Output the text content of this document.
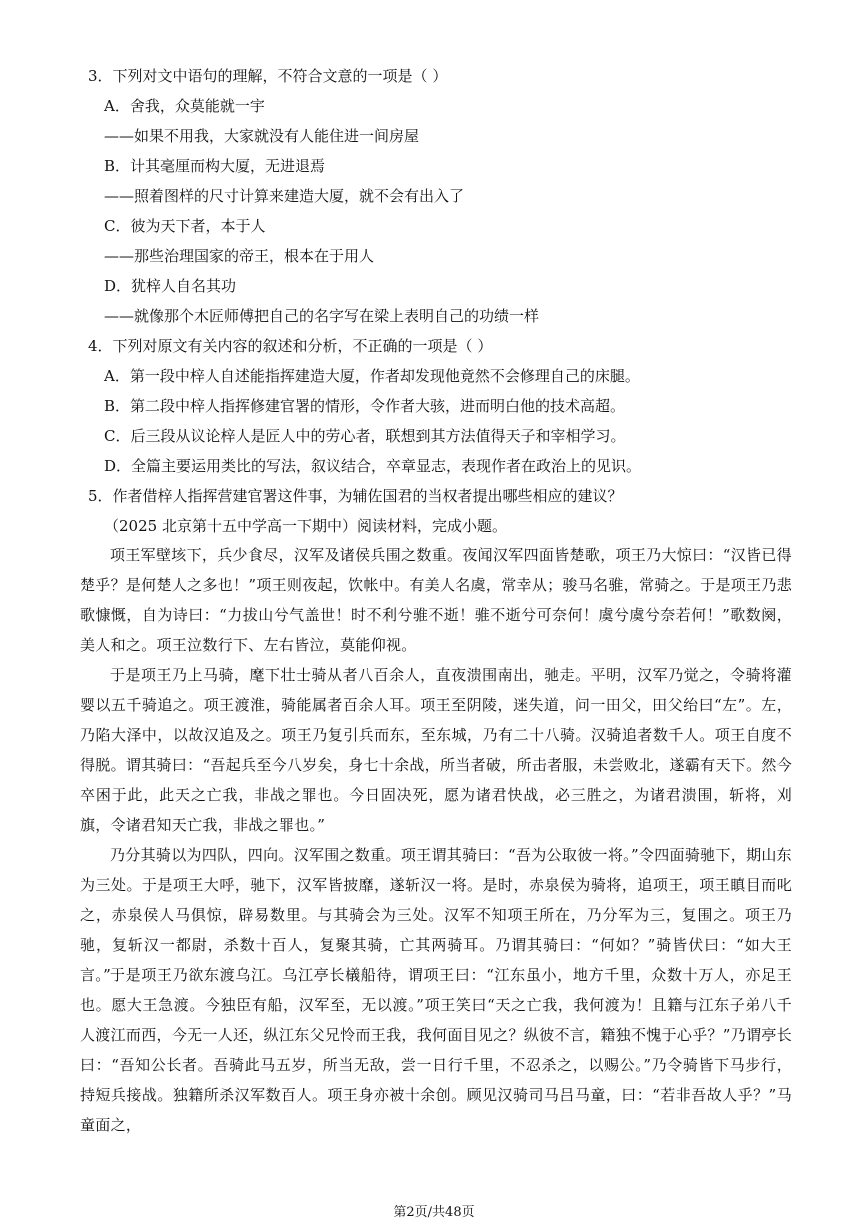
3．下列对文中语句的理解，不符合文意的一项是（ ）
A．舍我，众莫能就一宇
——如果不用我，大家就没有人能住进一间房屋
B．计其毫厘而构大厦，无进退焉
——照着图样的尺寸计算来建造大厦，就不会有出入了
C．彼为天下者，本于人
——那些治理国家的帝王，根本在于用人
D．犹梓人自名其功
——就像那个木匠师傅把自己的名字写在梁上表明自己的功绩一样
4．下列对原文有关内容的叙述和分析，不正确的一项是（ ）
A．第一段中梓人自述能指挥建造大厦，作者却发现他竟然不会修理自己的床腿。
B．第二段中梓人指挥修建官署的情形，令作者大骇，进而明白他的技术高超。
C．后三段从议论梓人是匠人中的劳心者，联想到其方法值得天子和宰相学习。
D．全篇主要运用类比的写法，叙议结合，卒章显志，表现作者在政治上的见识。
5．作者借梓人指挥营建官署这件事，为辅佐国君的当权者提出哪些相应的建议？
（2025 北京第十五中学高一下期中）阅读材料，完成小题。
项王军壁垓下，兵少食尽，汉军及诸侯兵围之数重。夜闻汉军四面皆楚歌，项王乃大惊曰：“汉皆已得楚乎？是何楚人之多也！”项王则夜起，饮帐中。有美人名虞，常幸从；骏马名骓，常骑之。于是项王乃悲歌慷慨，自为诗曰：“力拔山兮气盖世！时不利兮骓不逝！骓不逝兮可奈何！虞兮虞兮奈若何！”歌数阕，美人和之。项王泣数行下、左右皆泣，莫能仰视。
于是项王乃上马骑，麾下壮士骑从者八百余人，直夜溃围南出，驰走。平明，汉军乃觉之，令骑将灌婴以五千骑追之。项王渡淮，骑能属者百余人耳。项王至阴陵，迷失道，问一田父，田父绐曰“左”。左，乃陷大泽中，以故汉追及之。项王乃复引兵而东，至东城，乃有二十八骑。汉骑追者数千人。项王自度不得脱。谓其骑曰：“吾起兵至今八岁矣，身七十余战，所当者破，所击者服，未尝败北，遂霸有天下。然今卒困于此，此天之亡我，非战之罪也。今日固决死，愿为诸君快战，必三胜之，为诸君溃围，斩将，刈旗，令诸君知天亡我，非战之罪也。”
乃分其骑以为四队，四向。汉军围之数重。项王谓其骑曰：“吾为公取彼一将。”令四面骑驰下，期山东为三处。于是项王大呼，驰下，汉军皆披靡，遂斩汉一将。是时，赤泉侯为骑将，追项王，项王瞋目而叱之，赤泉侯人马俱惊，辟易数里。与其骑会为三处。汉军不知项王所在，乃分军为三，复围之。项王乃驰，复斩汉一都尉，杀数十百人，复聚其骑，亡其两骑耳。乃谓其骑曰：“何如？”骑皆伏曰：“如大王言。”
于是项王乃欲东渡乌江。乌江亭长檥船待，谓项王曰：“江东虽小，地方千里，众数十万人，亦足王也。愿大王急渡。今独臣有船，汉军至，无以渡。”项王笑曰“天之亡我，我何渡为！且籍与江东子弟八千人渡江而西，今无一人还，纵江东父兄怜而王我，我何面目见之？纵彼不言，籍独不愧于心乎？”乃谓亭长曰：“吾知公长者。吾骑此马五岁，所当无敌，尝一日行千里，不忍杀之，以赐公。”乃令骑皆下马步行，持短兵接战。独籍所杀汉军数百人。项王身亦被十余创。顾见汉骑司马吕马童，曰：“若非吾故人乎？”马童面之，
第2页/共48页
